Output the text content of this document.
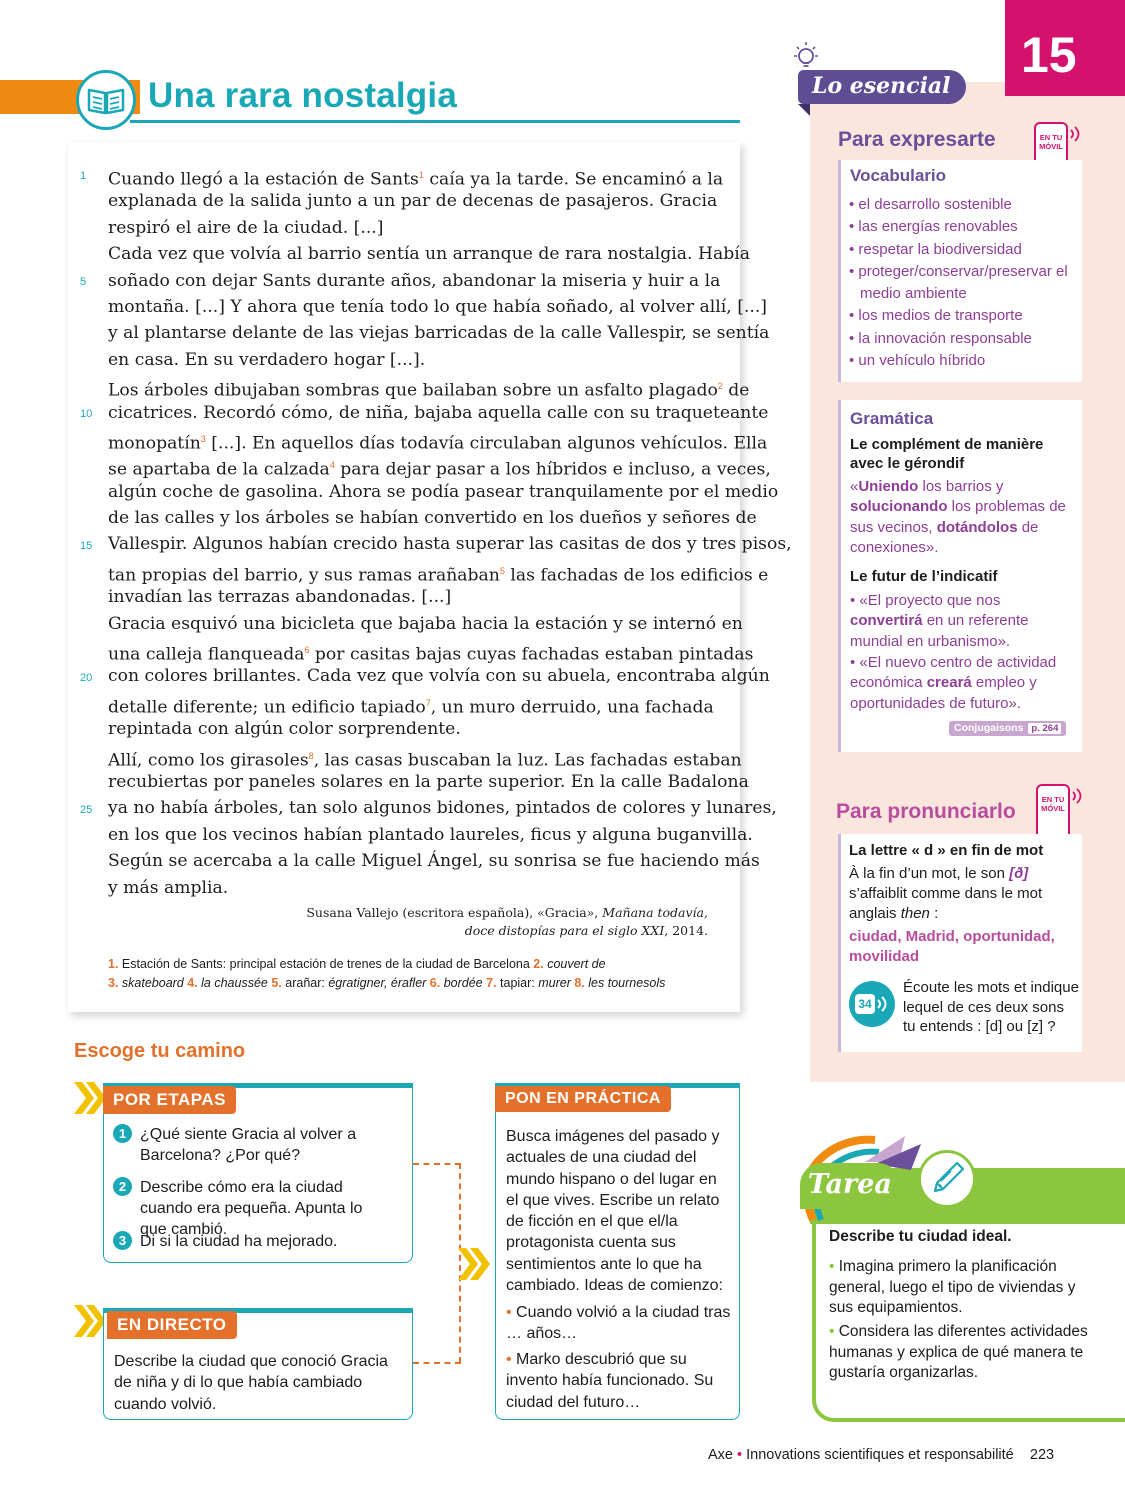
15
Una rara nostalgia	Lo esencial

Cuando llegó a la estación de Sants$^1$ caía ya la tarde. Se encaminó a la

explanada de la salida junto a un par de decenas de pasajeros. Gracia

respiró el aire de la ciudad. [...]

Cada vez que volvía al barrio sentía un arranque de rara nostalgia. Había

soñado con dejar Sants durante años, abandonar la miseria y huir a la

montaña. [...] Y ahora que tenía todo lo que había soñado, al volver allí, [...]

y al plantarse delante de las viejas barricadas de la calle Vallespir, se sentía

en casa. En su verdadero hogar [...].

Los árboles dibujaban sombras que bailaban sobre un asfalto plagado$^2$ de

cicatrices. Recordó cómo, de niña, bajaba aquella calle con su traqueteante

monopatín$^3$ [...]. En aquellos días todavía circulaban algunos vehículos. Ella

se apartaba de la calzada$^4$ para dejar pasar a los híbridos e incluso, a veces,

algún coche de gasolina. Ahora se podía pasear tranquilamente por el medio

de las calles y los árboles se habían convertido en los dueños y señores de

Vallespir. Algunos habían crecido hasta superar las casitas de dos y tres pisos,

tan propias del barrio, y sus ramas arañaban$^5$ las fachadas de los edificios e

invadían las terrazas abandonadas. [...]

Gracia esquivó una bicicleta que bajaba hacia la estación y se internó en

una calleja flanqueada$^6$ por casitas bajas cuyas fachadas estaban pintadas

con colores brillantes. Cada vez que volvía con su abuela, encontraba algún

detalle diferente; un edificio tapiado$^7$, un muro derruido, una fachada

repintada con algún color sorprendente.

Allí, como los girasoles$^8$, las casas buscaban la luz. Las fachadas estaban

recubiertas por paneles solares en la parte superior. En la calle Badalona

ya no había árboles, tan solo algunos bidones, pintados de colores y lunares,

en los que los vecinos habían plantado laureles, ficus y alguna buganvilla.

Según se acercaba a la calle Miguel Ángel, su sonrisa se fue haciendo más

y más amplia.

1
5
10
15
20
25
Susana Vallejo (escritora española), «Gracia», Mañana todavía,
doce distopías para el siglo XXI, 2014.
1. Estación de Sants: principal estación de trenes de la ciudad de Barcelona 2. couvert de
3. skateboard 4. la chaussée 5. arañar: égratigner, érafler 6. bordée 7. tapiar: murer 8. les tournesols
Escoge tu camino
POR ETAPAS
1 ¿Qué siente Gracia al volver a Barcelona? ¿Por qué?
2 Describe cómo era la ciudad cuando era pequeña. Apunta lo que cambió.
3 Di si la ciudad ha mejorado.
EN DIRECTO
Describe la ciudad que conoció Gracia de niña y di lo que había cambiado cuando volvió.
PON EN PRÁCTICA
Busca imágenes del pasado y actuales de una ciudad del mundo hispano o del lugar en el que vives. Escribe un relato de ficción en el que el/la protagonista cuenta sus sentimientos ante lo que ha cambiado. Ideas de comienzo:
• Cuando volvió a la ciudad tras … años…
• Marko descubrió que su invento había funcionado. Su ciudad del futuro…
Para expresarte	EN TU MÓVIL
Vocabulario
• el desarrollo sostenible
• las energías renovables
• respetar la biodiversidad
• proteger/conservar/preservar el medio ambiente
• los medios de transporte
• la innovación responsable
• un vehículo híbrido
Gramática
Le complément de manière avec le gérondif
«Uniendo los barrios y solucionando los problemas de sus vecinos, dotándolos de conexiones».
Le futur de l’indicatif
• «El proyecto que nos convertirá en un referente mundial en urbanismo».
• «El nuevo centro de actividad económica creará empleo y oportunidades de futuro».
Conjugaisons p. 264
Para pronunciarlo
EN TU MÓVIL
La lettre « d » en fin de mot
À la fin d’un mot, le son [ð] s’affaiblit comme dans le mot anglais then :
ciudad, Madrid, oportunidad, movilidad
34
Écoute les mots et indique lequel de ces deux sons tu entends : [d] ou [z] ?
Tarea
Describe tu ciudad ideal.
• Imagina primero la planificación general, luego el tipo de viviendas y sus equipamientos.
• Considera las diferentes actividades humanas y explica de qué manera te gustaría organizarlas.
Axe • Innovations scientifiques et responsabilité 223
